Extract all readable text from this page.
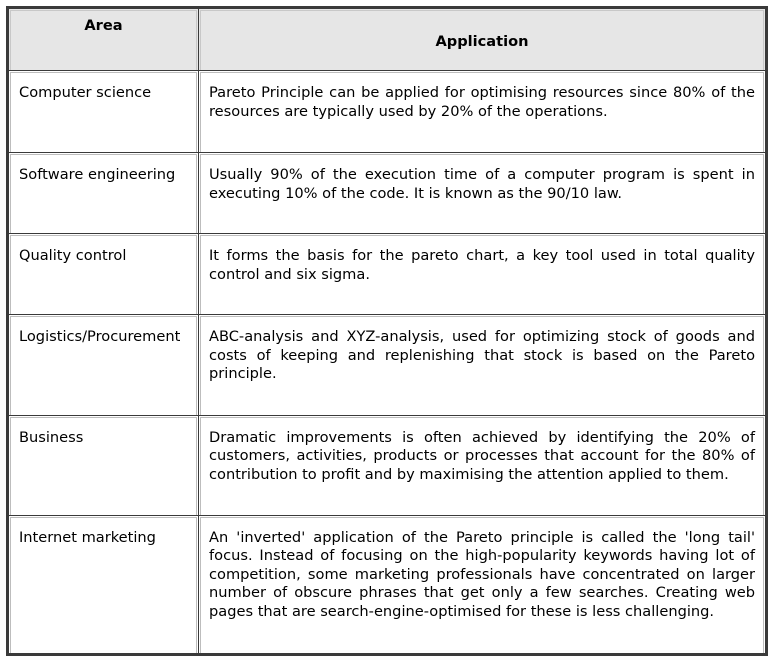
Area	Application

Computer science	Pareto Principle can be applied for optimising resources since 80% of the resources are typically used by 20% of the operations.

Software engineering	Usually 90% of the execution time of a computer program is spent in executing 10% of the code. It is known as the 90/10 law.

Quality control	It forms the basis for the pareto chart, a key tool used in total quality control and six sigma.

Logistics/Procurement	ABC-analysis and XYZ-analysis, used for optimizing stock of goods and costs of keeping and replenishing that stock is based on the Pareto principle.

Business	Dramatic improvements is often achieved by identifying the 20% of customers, activities, products or processes that account for the 80% of contribution to profit and by maximising the attention applied to them.

Internet marketing	An 'inverted' application of the Pareto principle is called the 'long tail' focus. Instead of focusing on the high-popularity keywords having lot of competition, some marketing professionals have concentrated on larger number of obscure phrases that get only a few searches. Creating web pages that are search-engine-optimised for these is less challenging.
